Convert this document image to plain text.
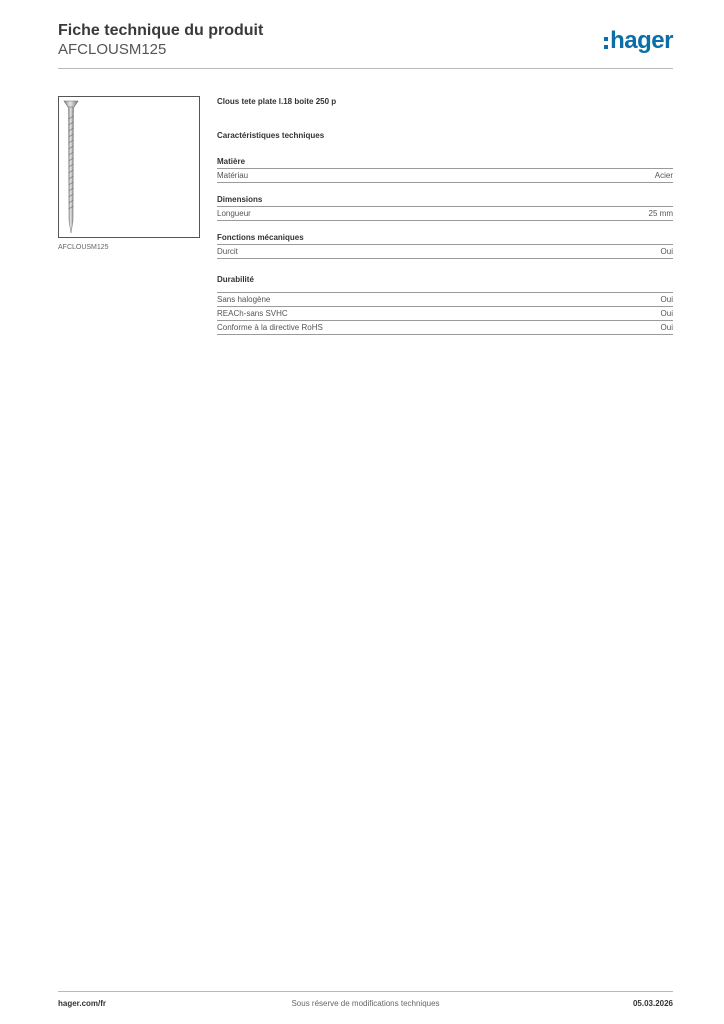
Fiche technique du produit
AFCLOUSM125	hager
AFCLOUSM125
Clous tete plate l.18 boite 250 p
Caractéristiques techniques
Matière
Matériau	Acier
Dimensions
Longueur	25 mm
Fonctions mécaniques
Durcit	Oui
Durabilité
Sans halogène	Oui
REACh-sans SVHC	Oui
Conforme à la directive RoHS	Oui
hager.com/fr	Sous réserve de modifications techniques	05.03.2026
